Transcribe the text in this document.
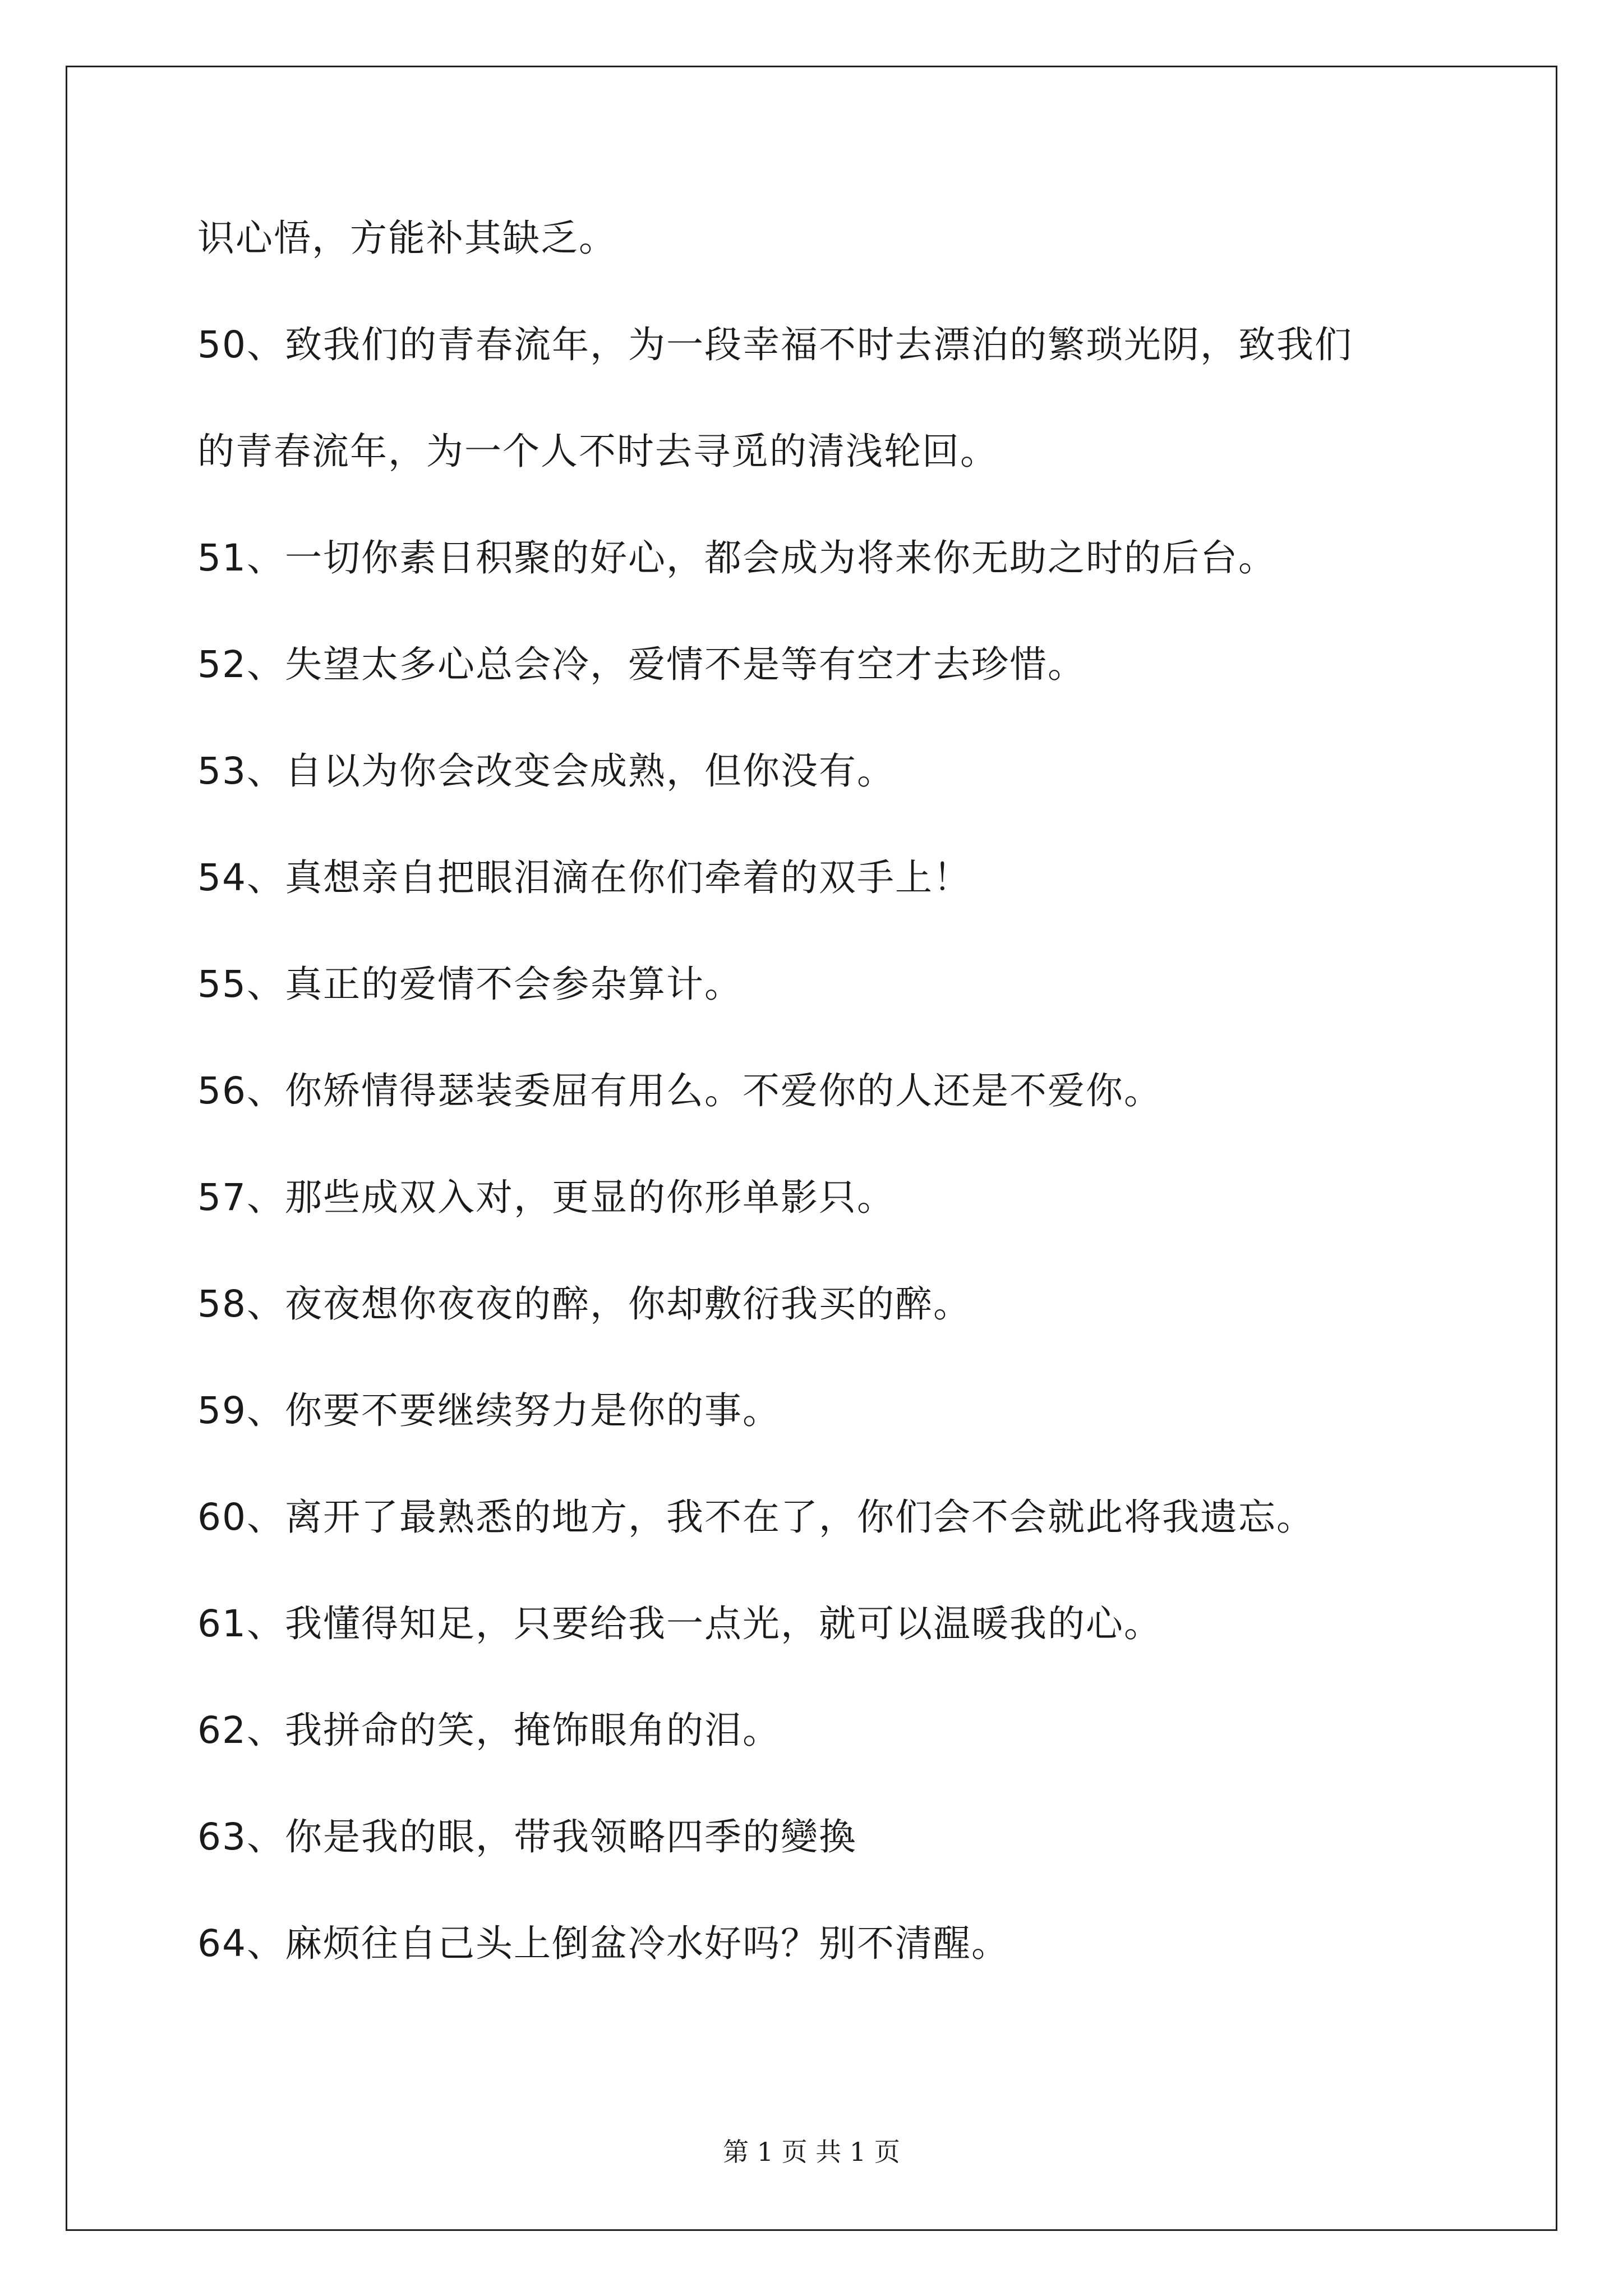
识心悟，方能补其缺乏。
50、致我们的青春流年，为一段幸福不时去漂泊的繁琐光阴，致我们
的青春流年，为一个人不时去寻觅的清浅轮回。
51、一切你素日积聚的好心，都会成为将来你无助之时的后台。
52、失望太多心总会冷，爱情不是等有空才去珍惜。
53、自以为你会改变会成熟，但你没有。
54、真想亲自把眼泪滴在你们牵着的双手上！
55、真正的爱情不会参杂算计。
56、你矫情得瑟装委屈有用么。不爱你的人还是不爱你。
57、那些成双入对，更显的你形单影只。
58、夜夜想你夜夜的醉，你却敷衍我买的醉。
59、你要不要继续努力是你的事。
60、离开了最熟悉的地方，我不在了，你们会不会就此将我遗忘。
61、我懂得知足，只要给我一点光，就可以温暖我的心。
62、我拼命的笑，掩饰眼角的泪。
63、你是我的眼，带我领略四季的變換
64、麻烦往自己头上倒盆冷水好吗？别不清醒。
第 1 页 共 1 页
